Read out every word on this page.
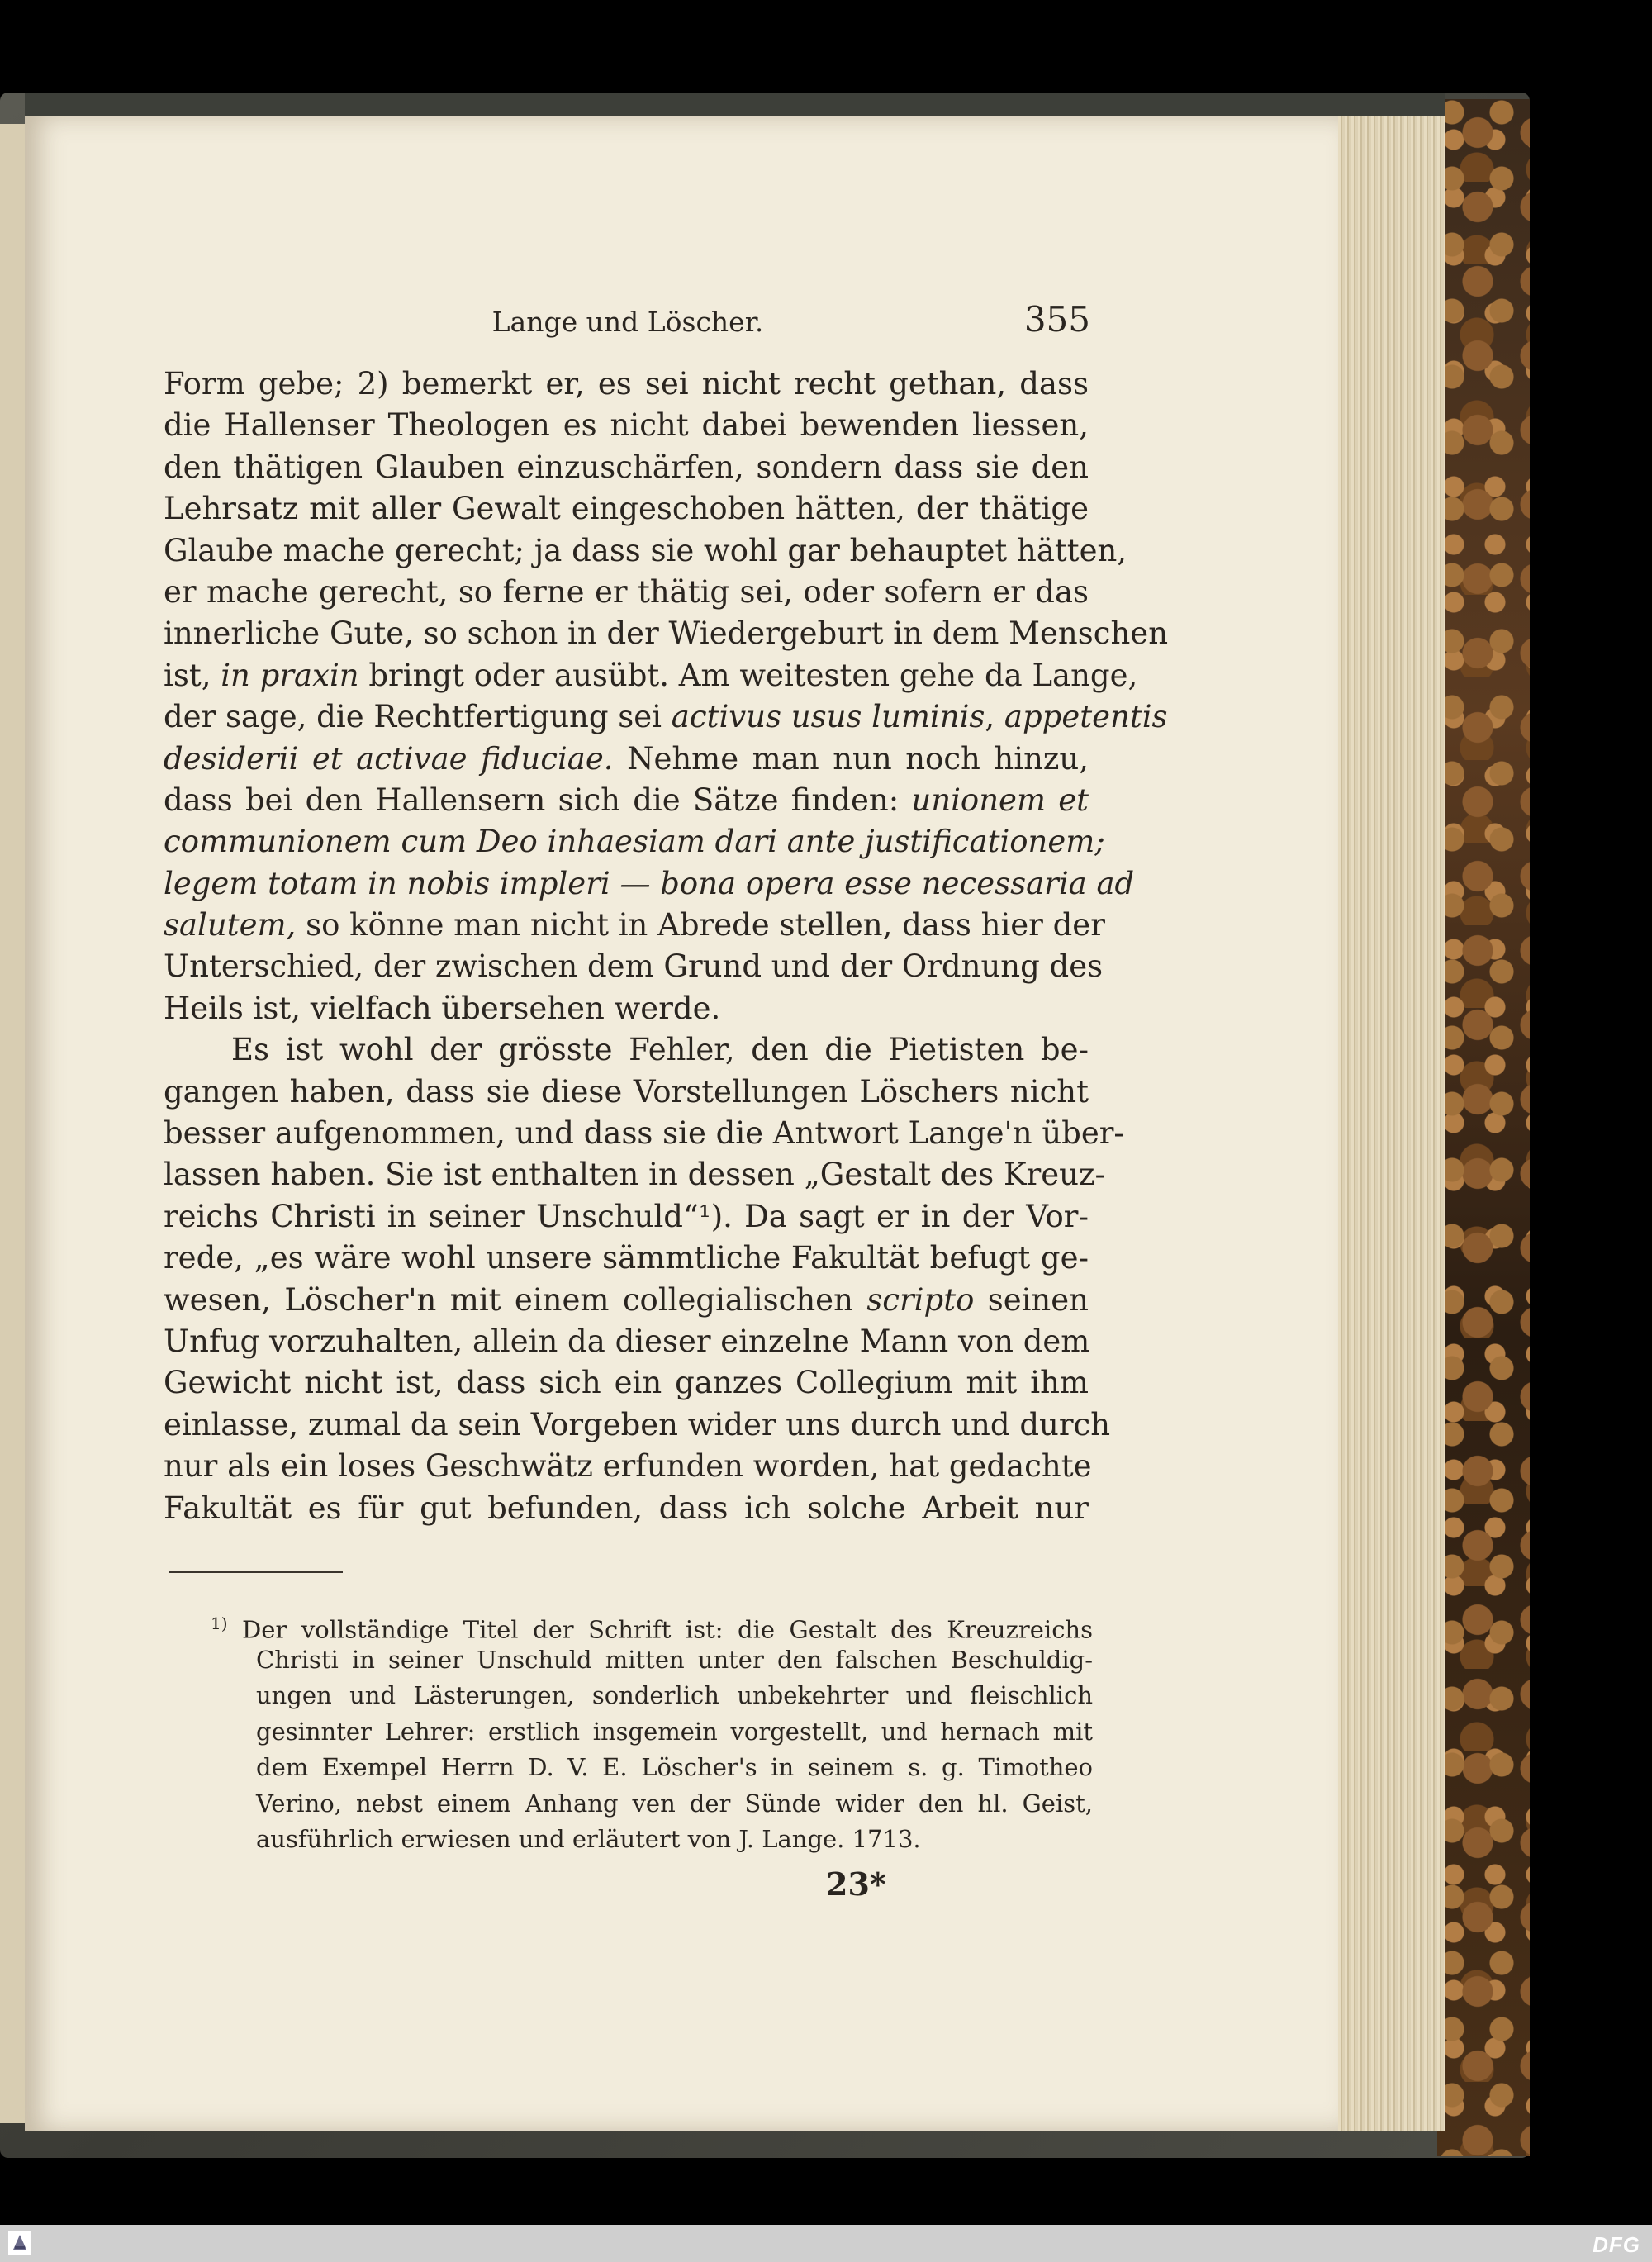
Lange und Löscher.	355
Form gebe; 2) bemerkt er, es sei nicht recht gethan, dass
die Hallenser Theologen es nicht dabei bewenden liessen,
den thätigen Glauben einzuschärfen, sondern dass sie den
Lehrsatz mit aller Gewalt eingeschoben hätten, der thätige
Glaube mache gerecht; ja dass sie wohl gar behauptet hätten,
er mache gerecht, so ferne er thätig sei, oder sofern er das
innerliche Gute, so schon in der Wiedergeburt in dem Menschen
ist, in praxin bringt oder ausübt. Am weitesten gehe da Lange,
der sage, die Rechtfertigung sei activus usus luminis, appetentis
desiderii et activae fiduciae. Nehme man nun noch hinzu,
dass bei den Hallensern sich die Sätze finden: unionem et
communionem cum Deo inhaesiam dari ante justificationem;
legem totam in nobis impleri — bona opera esse necessaria ad
salutem, so könne man nicht in Abrede stellen, dass hier der
Unterschied, der zwischen dem Grund und der Ordnung des
Heils ist, vielfach übersehen werde.
Es ist wohl der grösste Fehler, den die Pietisten be-
gangen haben, dass sie diese Vorstellungen Löschers nicht
besser aufgenommen, und dass sie die Antwort Lange'n über-
lassen haben. Sie ist enthalten in dessen „Gestalt des Kreuz-
reichs Christi in seiner Unschuld“¹). Da sagt er in der Vor-
rede, „es wäre wohl unsere sämmtliche Fakultät befugt ge-
wesen, Löscher'n mit einem collegialischen scripto seinen
Unfug vorzuhalten, allein da dieser einzelne Mann von dem
Gewicht nicht ist, dass sich ein ganzes Collegium mit ihm
einlasse, zumal da sein Vorgeben wider uns durch und durch
nur als ein loses Geschwätz erfunden worden, hat gedachte
Fakultät es für gut befunden, dass ich solche Arbeit nur
$^{1)}$ Der vollständige Titel der Schrift ist: die Gestalt des Kreuzreichs
Christi in seiner Unschuld mitten unter den falschen Beschuldig-
ungen und Lästerungen, sonderlich unbekehrter und fleischlich
gesinnter Lehrer: erstlich insgemein vorgestellt, und hernach mit
dem Exempel Herrn D. V. E. Löscher's in seinem s. g. Timotheo
Verino, nebst einem Anhang ven der Sünde wider den hl. Geist,
ausführlich erwiesen und erläutert von J. Lange. 1713.
23*
DFG
